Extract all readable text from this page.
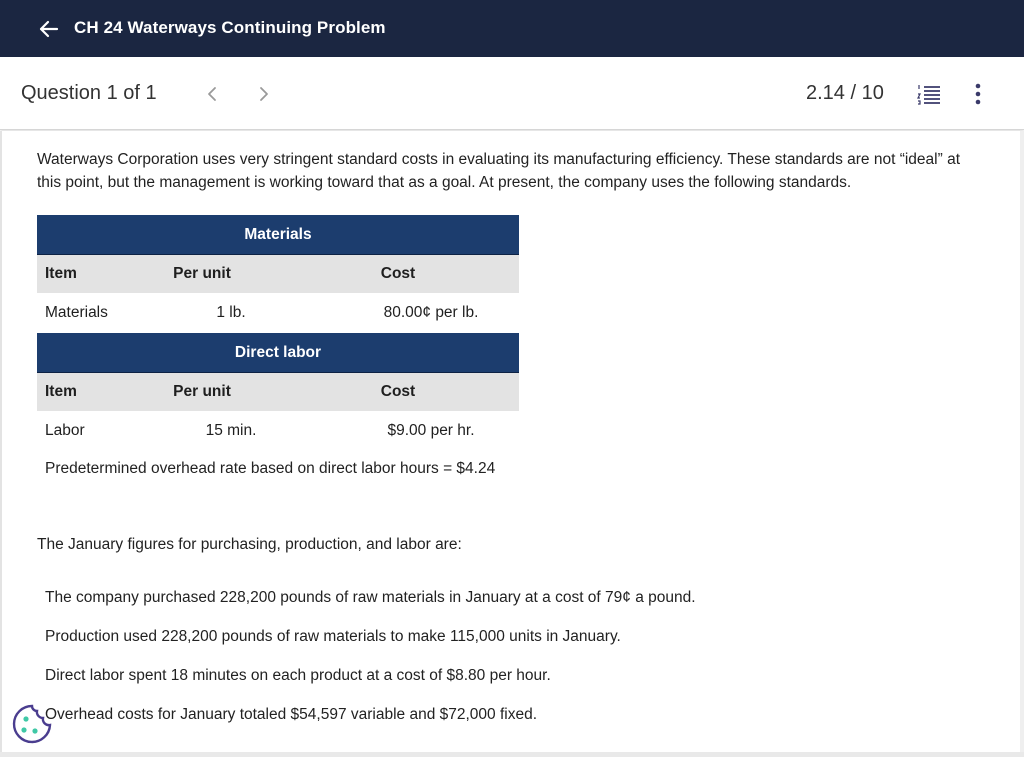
CH 24 Waterways Continuing Problem
Question 1 of 1	2.14 / 10
Waterways Corporation uses very stringent standard costs in evaluating its manufacturing efficiency. These standards are not “ideal” at this point, but the management is working toward that as a goal. At present, the company uses the following standards.
Materials
Item	Per unit	Cost
Materials	1 lb.	80.00¢ per lb.
Direct labor
Item	Per unit	Cost
Labor	15 min.	$9.00 per hr.
Predetermined overhead rate based on direct labor hours = $4.24
The January figures for purchasing, production, and labor are:
The company purchased 228,200 pounds of raw materials in January at a cost of 79¢ a pound.
Production used 228,200 pounds of raw materials to make 115,000 units in January.
Direct labor spent 18 minutes on each product at a cost of $8.80 per hour.
Overhead costs for January totaled $54,597 variable and $72,000 fixed.
